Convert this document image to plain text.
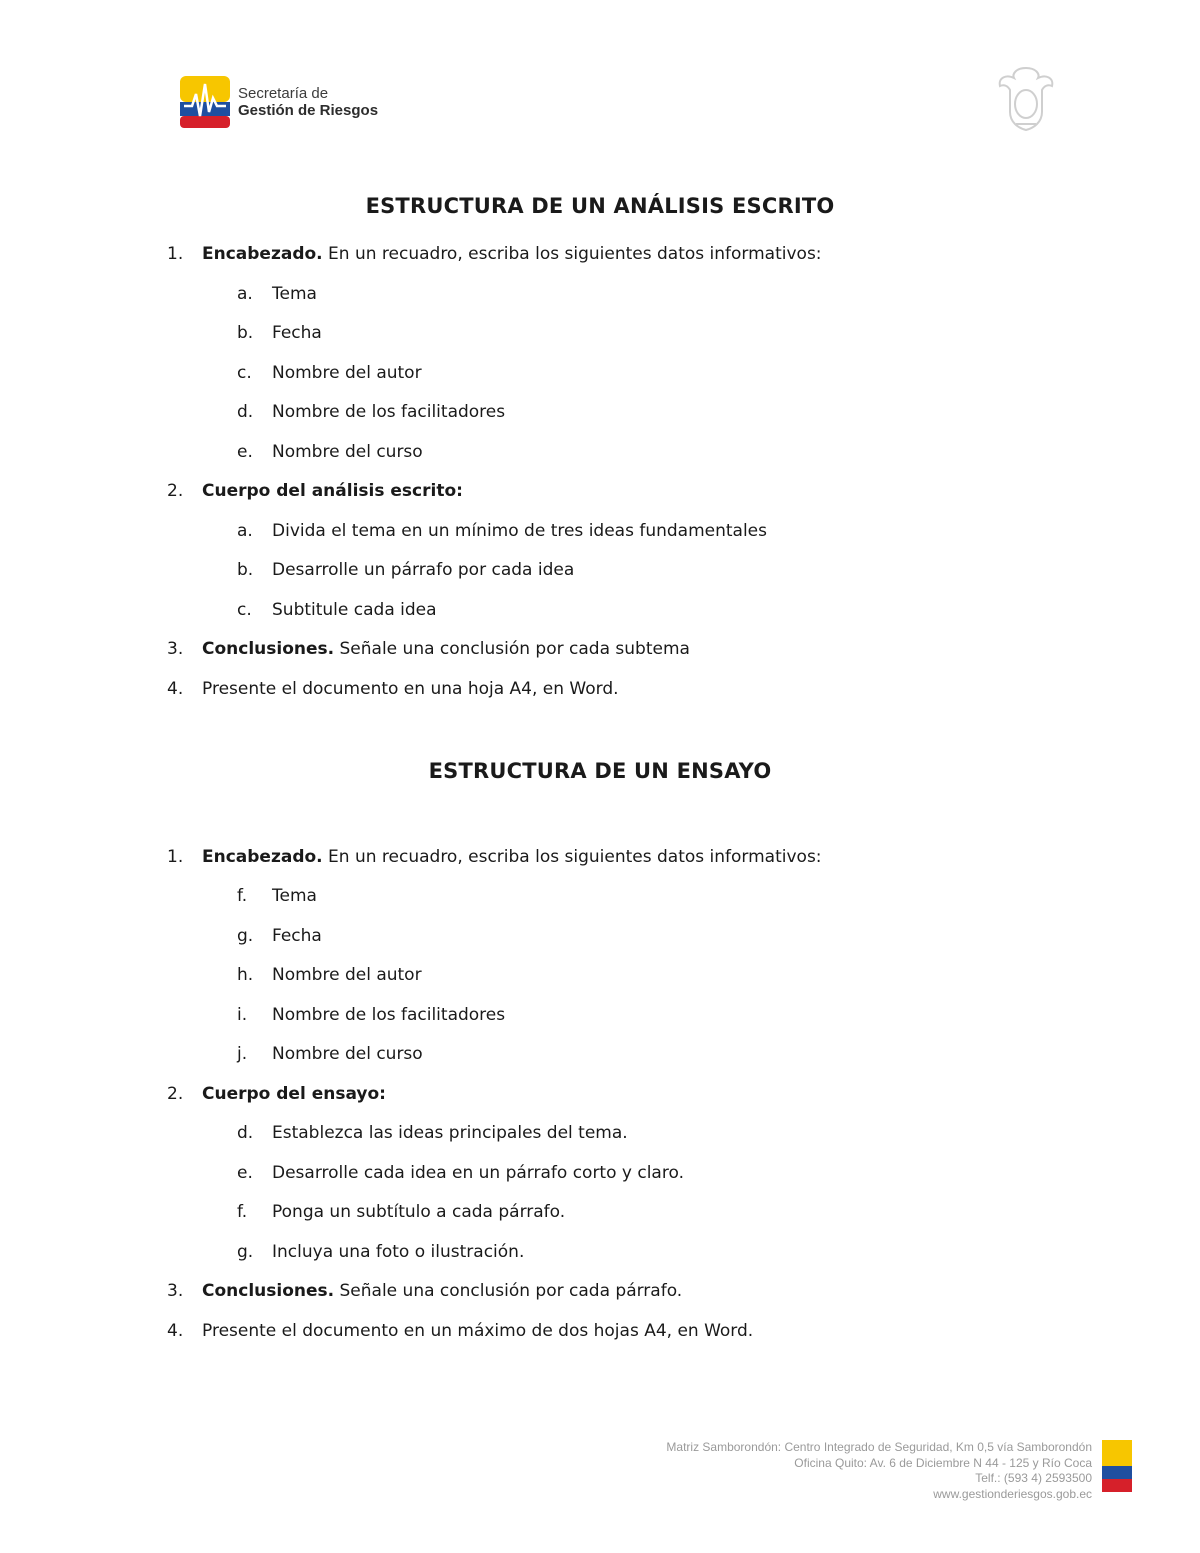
Secretaría de
Gestión de Riesgos
ESTRUCTURA DE UN ANÁLISIS ESCRITO
1. Encabezado. En un recuadro, escriba los siguientes datos informativos:
a. Tema
b. Fecha
c. Nombre del autor
d. Nombre de los facilitadores
e. Nombre del curso
2. Cuerpo del análisis escrito:
a. Divida el tema en un mínimo de tres ideas fundamentales
b. Desarrolle un párrafo por cada idea
c. Subtitule cada idea
3. Conclusiones. Señale una conclusión por cada subtema
4. Presente el documento en una hoja A4, en Word.
ESTRUCTURA DE UN ENSAYO
1. Encabezado. En un recuadro, escriba los siguientes datos informativos:
f. Tema
g. Fecha
h. Nombre del autor
i. Nombre de los facilitadores
j. Nombre del curso
2. Cuerpo del ensayo:
d. Establezca las ideas principales del tema.
e. Desarrolle cada idea en un párrafo corto y claro.
f. Ponga un subtítulo a cada párrafo.
g. Incluya una foto o ilustración.
3. Conclusiones. Señale una conclusión por cada párrafo.
4. Presente el documento en un máximo de dos hojas A4, en Word.
Matriz Samborondón: Centro Integrado de Seguridad, Km 0,5 vía Samborondón
Oficina Quito: Av. 6 de Diciembre N 44 - 125 y Río Coca
Telf.: (593 4) 2593500
www.gestionderiesgos.gob.ec
